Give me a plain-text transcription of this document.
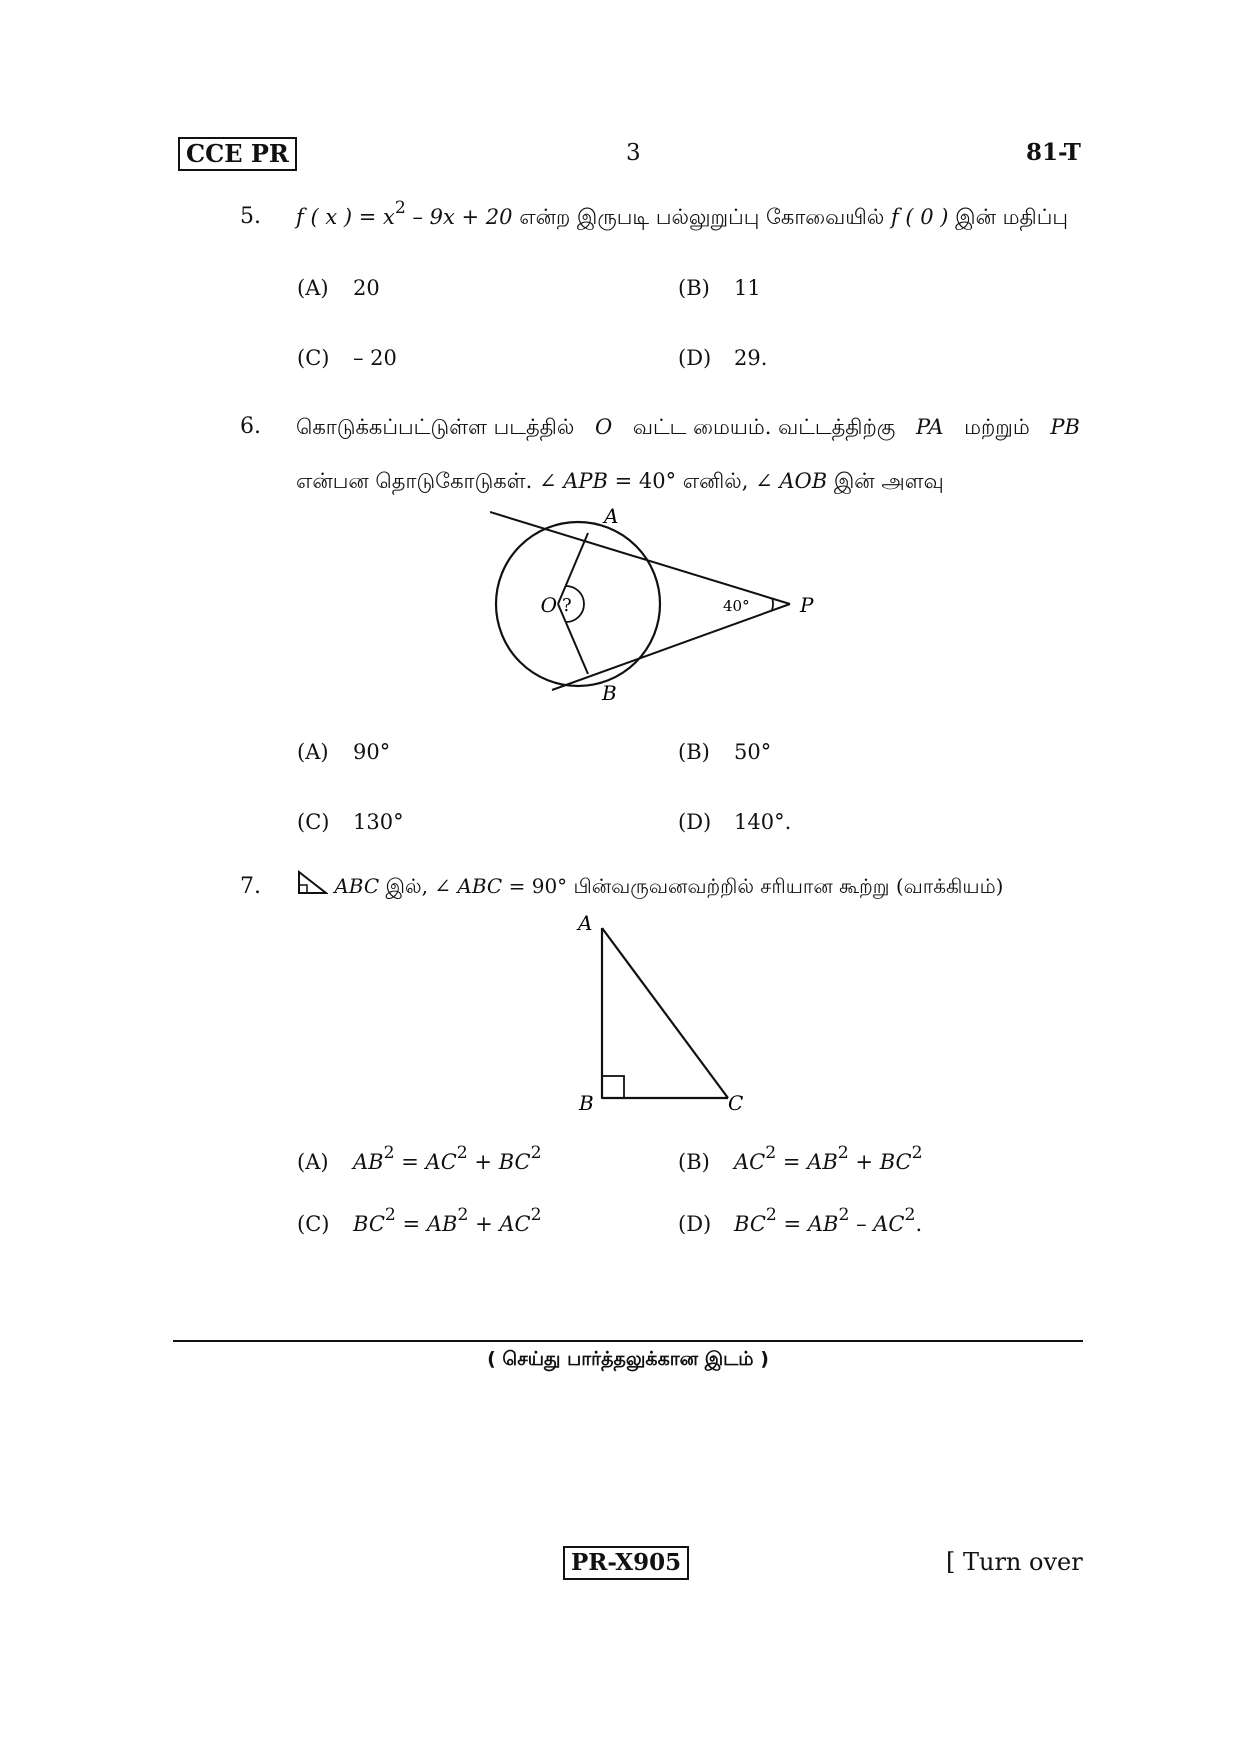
CCE PR	3	81-T
5. f ( x ) = $x^2 - 9x + 20$ என்ற இருபடி பல்லுறுப்பு கோவையில் f ( 0 ) இன் மதிப்பு
(A) 20	(B) 11
(C) – 20	(D) 29.
6. கொடுக்கப்பட்டுள்ள படத்தில் O வட்ட மையம். வட்டத்திற்கு PA மற்றும் PB
என்பன தொடுகோடுகள். ∠ APB = 40° எனில், ∠ AOB இன் அளவு
A
B
O	P
?	40°
(A) 90°	(B) 50°
(C) 130°	(D) 140°.
7.	ABC இல், ∠ ABC = 90° பின்வருவனவற்றில் சரியான கூற்று (வாக்கியம்)
A
B	C
(A) $AB^2 = AC^2 + BC^2$	(B) $AC^2 = AB^2 + BC^2$
(C) $BC^2 = AB^2 + AC^2$	(D) $BC^2 = AB^2 - AC^2$.
( செய்து பார்த்தலுக்கான இடம் )
PR-X905	[ Turn over
